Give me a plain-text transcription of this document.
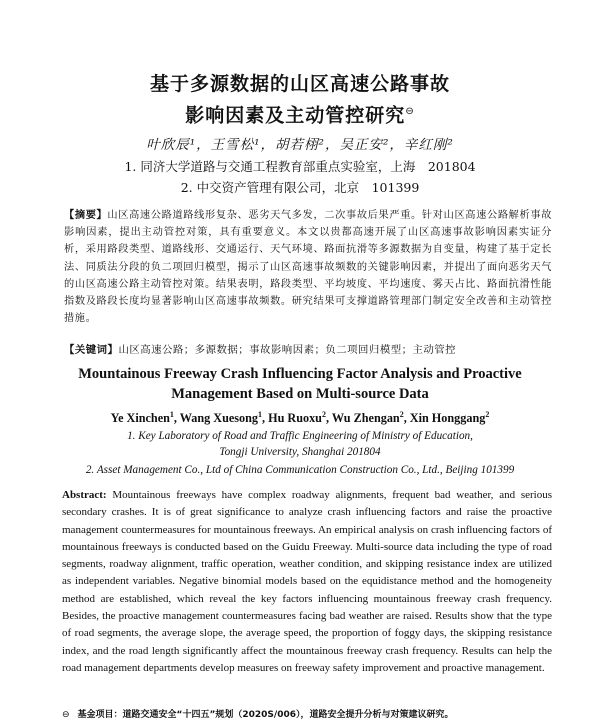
基于多源数据的山区高速公路事故
影响因素及主动管控研究⊖
叶欣辰¹，王雪松¹，胡若栩²，吴正安²，辛红刚²
1. 同济大学道路与交通工程教育部重点实验室，上海　201804
2. 中交资产管理有限公司，北京　101399
【摘要】山区高速公路道路线形复杂、恶劣天气多发，二次事故后果严重。针对山区高速公路解析事故影响因素，提出主动管控对策，具有重要意义。本文以贵都高速开展了山区高速事故影响因素实证分析，采用路段类型、道路线形、交通运行、天气环境、路面抗滑等多源数据为自变量，构建了基于定长法、同质法分段的负二项回归模型，揭示了山区高速事故频数的关键影响因素，并提出了面向恶劣天气的山区高速公路主动管控对策。结果表明，路段类型、平均坡度、平均速度、雾天占比、路面抗滑性能指数及路段长度均显著影响山区高速事故频数。研究结果可支撑道路管理部门制定安全改善和主动管控措施。
【关键词】山区高速公路；多源数据；事故影响因素；负二项回归模型；主动管控
Mountainous Freeway Crash Influencing Factor Analysis and Proactive
Management Based on Multi-source Data
Ye Xinchen$^1$, Wang Xuesong$^1$, Hu Ruoxu$^2$, Wu Zhengan$^2$, Xin Honggang$^2$
1. Key Laboratory of Road and Traffic Engineering of Ministry of Education,
Tongji University, Shanghai 201804
2. Asset Management Co., Ltd of China Communication Construction Co., Ltd., Beijing 101399
Abstract: Mountainous freeways have complex roadway alignments, frequent bad weather, and serious secondary crashes. It is of great significance to analyze crash influencing factors and raise the proactive management countermeasures for mountainous freeways. An empirical analysis on crash influencing factors of mountainous freeways is conducted based on the Guidu Freeway. Multi-source data including the type of road segments, roadway alignment, traffic operation, weather condition, and skipping resistance index are utilized as independent variables. Negative binomial models based on the equidistance method and the homogeneity method are established, which reveal the key factors influencing mountainous freeway crash frequency. Besides, the proactive management countermeasures facing bad weather are raised. Results show that the type of road segments, the average slope, the average speed, the proportion of foggy days, the skipping resistance index, and the road length significantly affect the mountainous freeway crash frequency. Results can help the road management departments develop measures on freeway safety improvement and proactive management.
⊖ 基金项目：道路交通安全“十四五”规划（2020S/006），道路安全提升分析与对策建议研究。
